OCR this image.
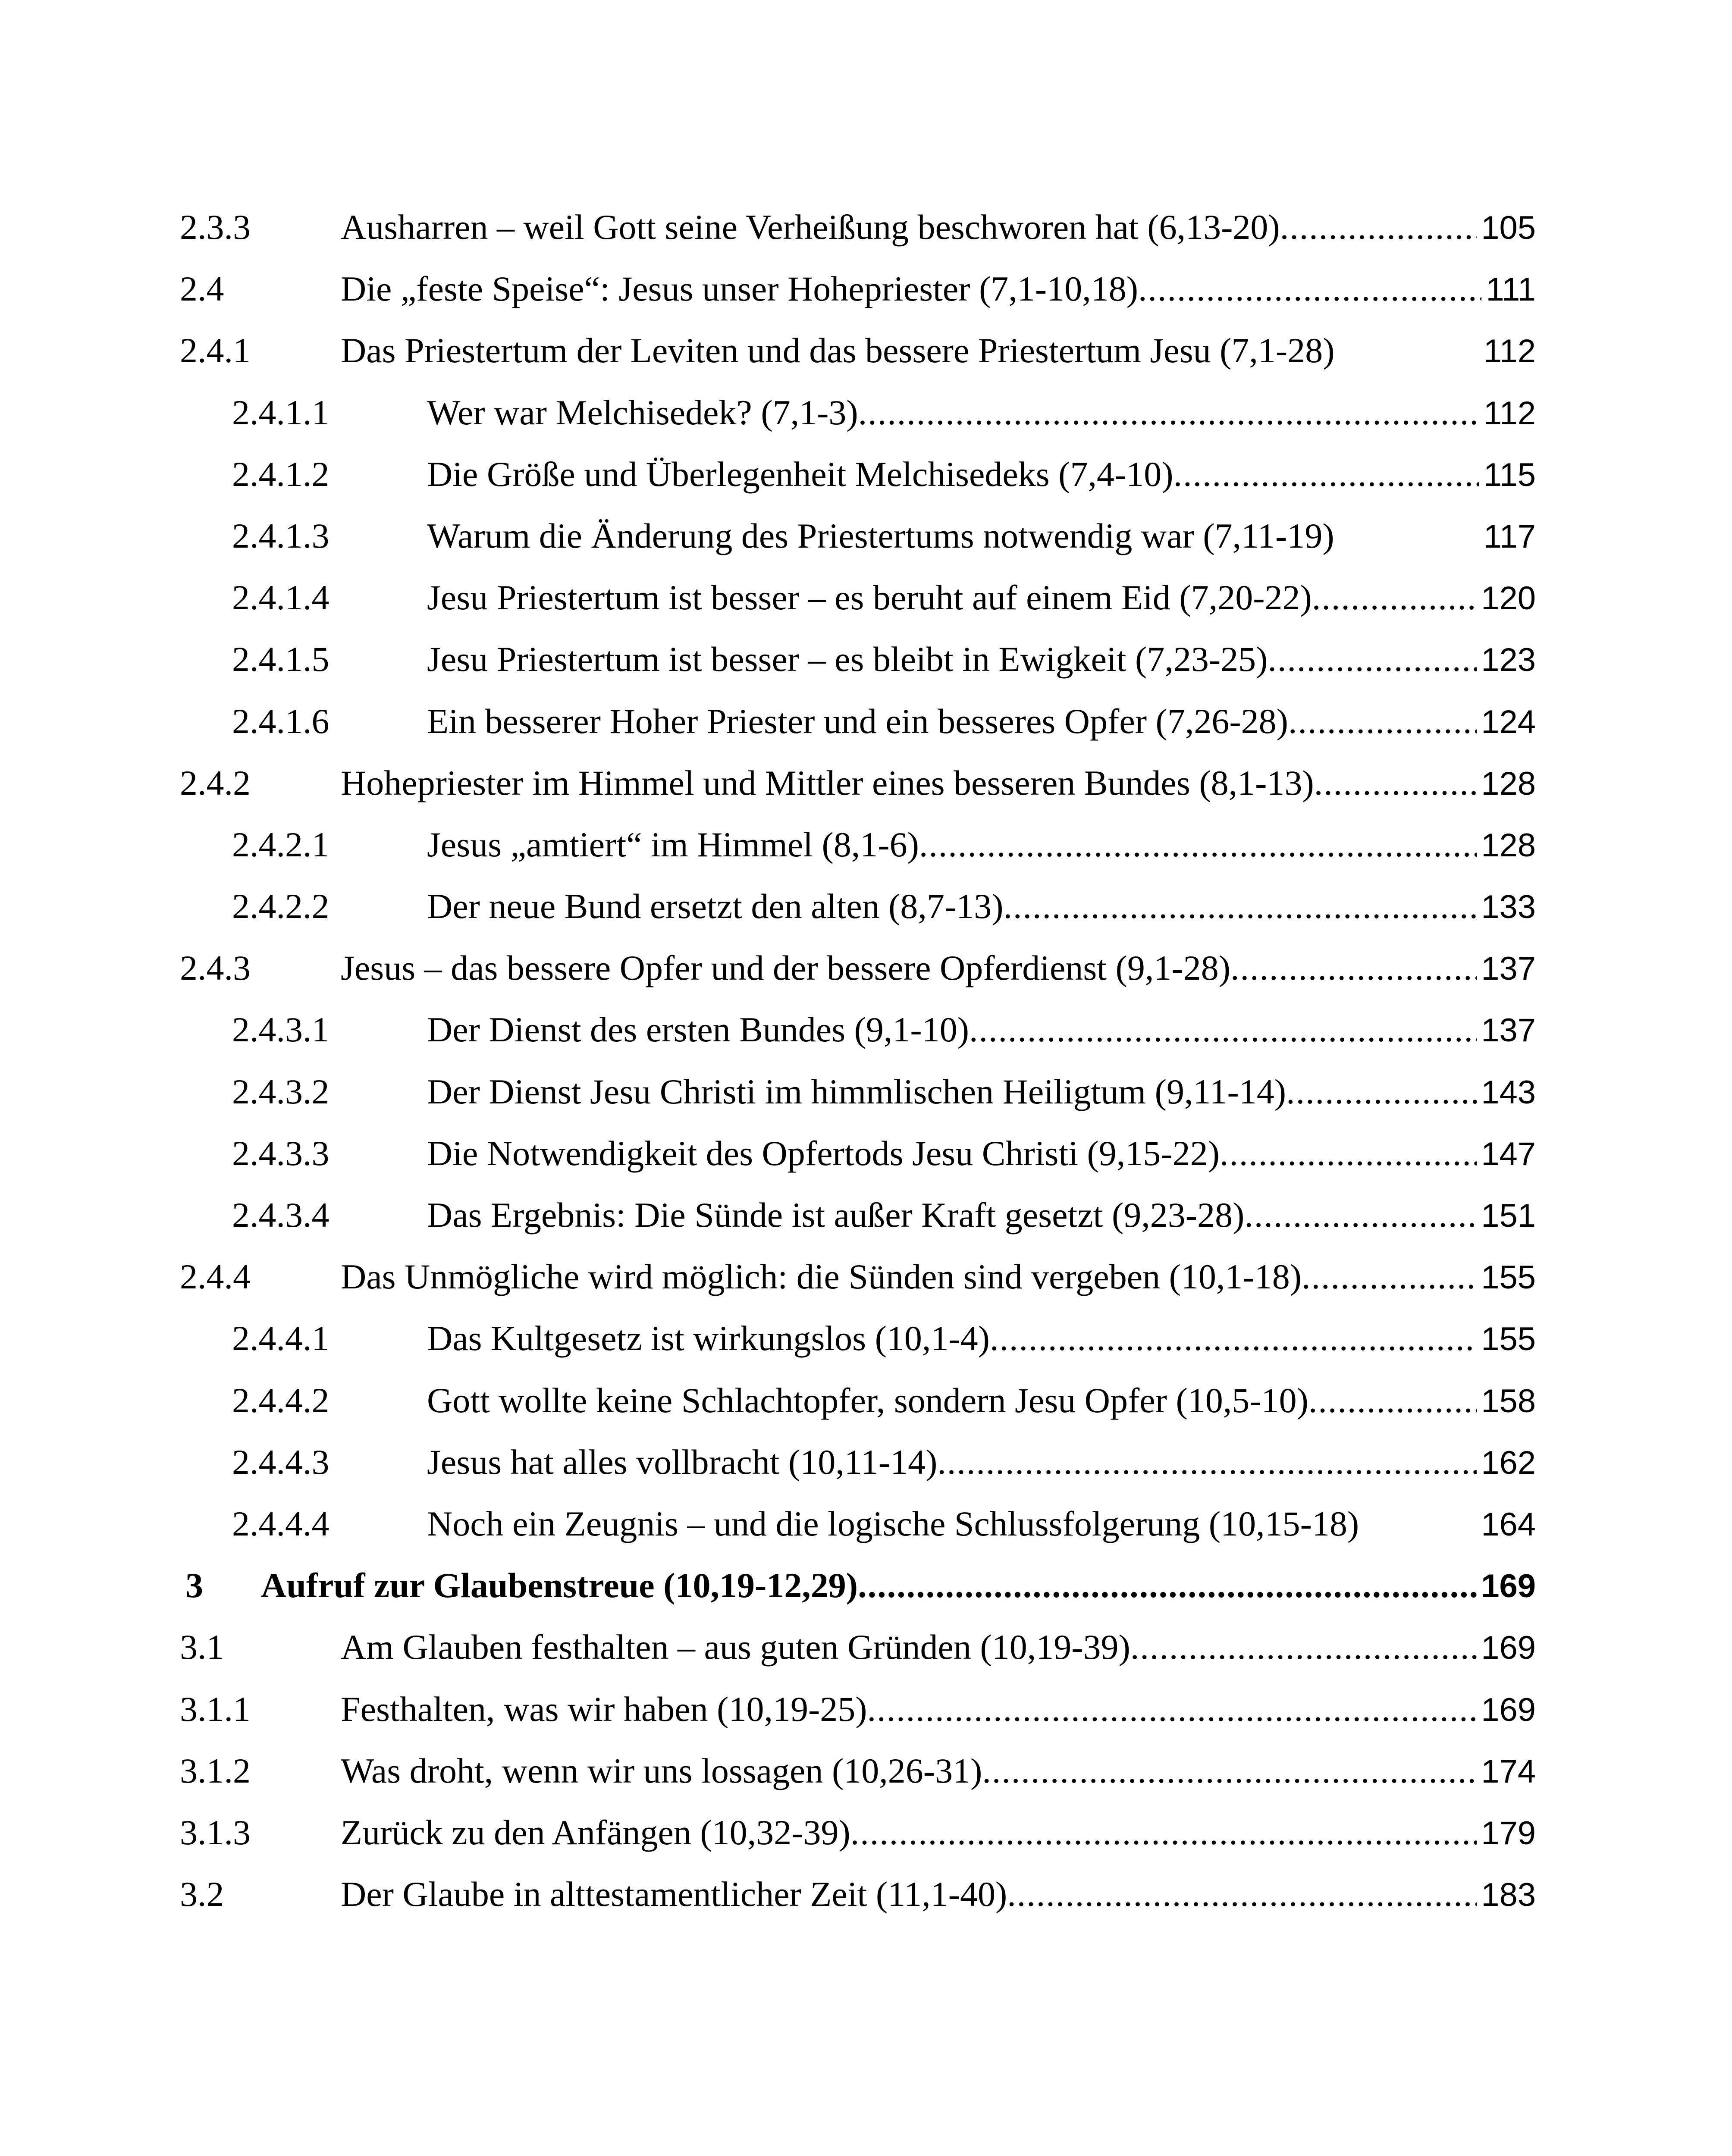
2.3.3	Ausharren – weil Gott seine Verheißung beschworen hat (6,13-20) .....	105
2.4	Die „feste Speise“: Jesus unser Hohepriester (7,1-10,18) .....	111
2.4.1	Das Priestertum der Leviten und das bessere Priestertum Jesu (7,1-28)	112
2.4.1.1	Wer war Melchisedek? (7,1-3) .....	112
2.4.1.2	Die Größe und Überlegenheit Melchisedeks (7,4-10) .....	115
2.4.1.3	Warum die Änderung des Priestertums notwendig war (7,11-19)	117
2.4.1.4	Jesu Priestertum ist besser – es beruht auf einem Eid (7,20-22) .....	120
2.4.1.5	Jesu Priestertum ist besser – es bleibt in Ewigkeit (7,23-25) .....	123
2.4.1.6	Ein besserer Hoher Priester und ein besseres Opfer (7,26-28) .....	124
2.4.2	Hohepriester im Himmel und Mittler eines besseren Bundes (8,1-13) .....	128
2.4.2.1	Jesus „amtiert“ im Himmel (8,1-6) .....	128
2.4.2.2	Der neue Bund ersetzt den alten (8,7-13) .....	133
2.4.3	Jesus – das bessere Opfer und der bessere Opferdienst (9,1-28) .....	137
2.4.3.1	Der Dienst des ersten Bundes (9,1-10) .....	137
2.4.3.2	Der Dienst Jesu Christi im himmlischen Heiligtum (9,11-14) .....	143
2.4.3.3	Die Notwendigkeit des Opfertods Jesu Christi (9,15-22) .....	147
2.4.3.4	Das Ergebnis: Die Sünde ist außer Kraft gesetzt (9,23-28) .....	151
2.4.4	Das Unmögliche wird möglich: die Sünden sind vergeben (10,1-18) .....	155
2.4.4.1	Das Kultgesetz ist wirkungslos (10,1-4) .....	155
2.4.4.2	Gott wollte keine Schlachtopfer, sondern Jesu Opfer (10,5-10) .....	158
2.4.4.3	Jesus hat alles vollbracht (10,11-14) .....	162
2.4.4.4	Noch ein Zeugnis – und die logische Schlussfolgerung (10,15-18)	164
3 Aufruf zur Glaubenstreue (10,19-12,29) .....	169
3.1	Am Glauben festhalten – aus guten Gründen (10,19-39) .....	169
3.1.1	Festhalten, was wir haben (10,19-25) .....	169
3.1.2	Was droht, wenn wir uns lossagen (10,26-31) .....	174
3.1.3	Zurück zu den Anfängen (10,32-39) .....	179
3.2	Der Glaube in alttestamentlicher Zeit (11,1-40) .....	183
